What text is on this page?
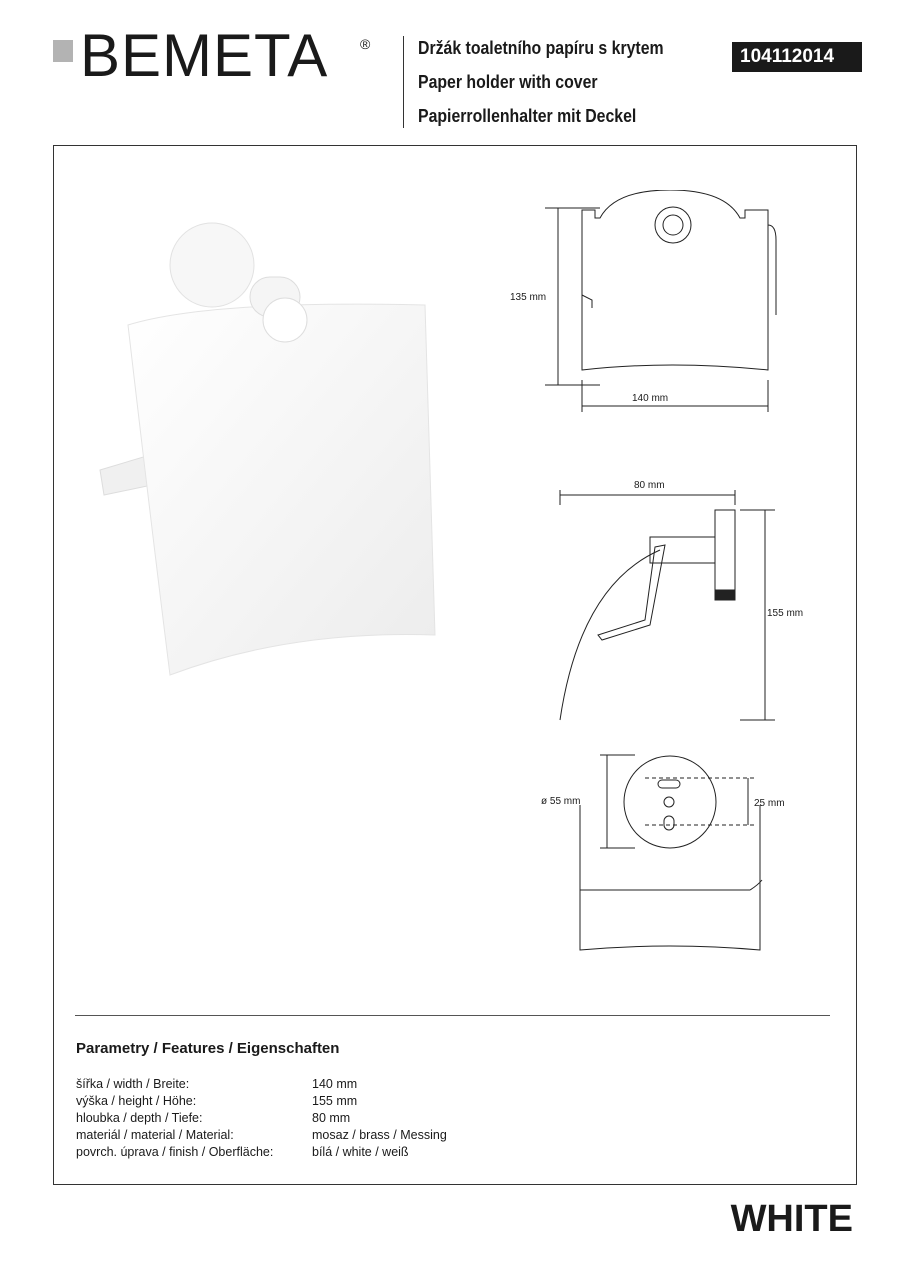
BEMETA ®	Držák toaletního papíru s krytem
Paper holder with cover
Papierrollenhalter mit Deckel
104112014
135 mm
140 mm
80 mm
155 mm
ø 55 mm	25 mm
Parametry / Features / Eigenschaften
šířka / width / Breite:	140 mm
výška / height / Höhe:	155 mm
hloubka / depth / Tiefe:	80 mm
materiál / material / Material:	mosaz / brass / Messing
povrch. úprava / finish / Oberfläche:	bílá / white / weiß
WHITE
